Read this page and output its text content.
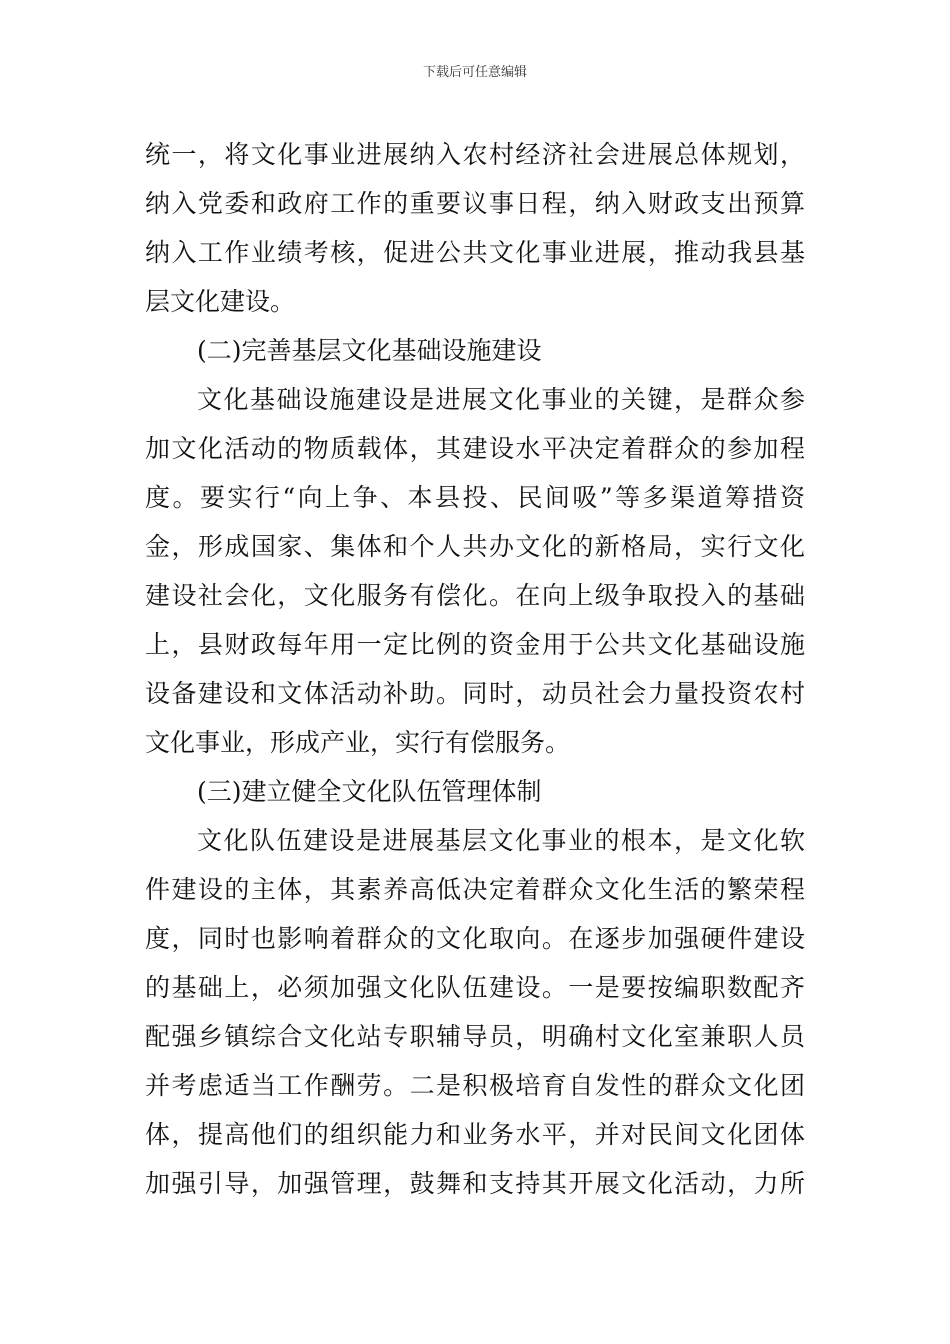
下载后可任意编辑
统一，将文化事业进展纳入农村经济社会进展总体规划，
纳入党委和政府工作的重要议事日程，纳入财政支出预算
纳入工作业绩考核，促进公共文化事业进展，推动我县基
层文化建设。
(二)完善基层文化基础设施建设
文化基础设施建设是进展文化事业的关键，是群众参
加文化活动的物质载体，其建设水平决定着群众的参加程
度。要实行“向上争、本县投、民间吸”等多渠道筹措资
金，形成国家、集体和个人共办文化的新格局，实行文化
建设社会化，文化服务有偿化。在向上级争取投入的基础
上，县财政每年用一定比例的资金用于公共文化基础设施
设备建设和文体活动补助。同时，动员社会力量投资农村
文化事业，形成产业，实行有偿服务。
(三)建立健全文化队伍管理体制
文化队伍建设是进展基层文化事业的根本，是文化软
件建设的主体，其素养高低决定着群众文化生活的繁荣程
度，同时也影响着群众的文化取向。在逐步加强硬件建设
的基础上，必须加强文化队伍建设。一是要按编职数配齐
配强乡镇综合文化站专职辅导员，明确村文化室兼职人员
并考虑适当工作酬劳。二是积极培育自发性的群众文化团
体，提高他们的组织能力和业务水平，并对民间文化团体
加强引导，加强管理，鼓舞和支持其开展文化活动，力所
